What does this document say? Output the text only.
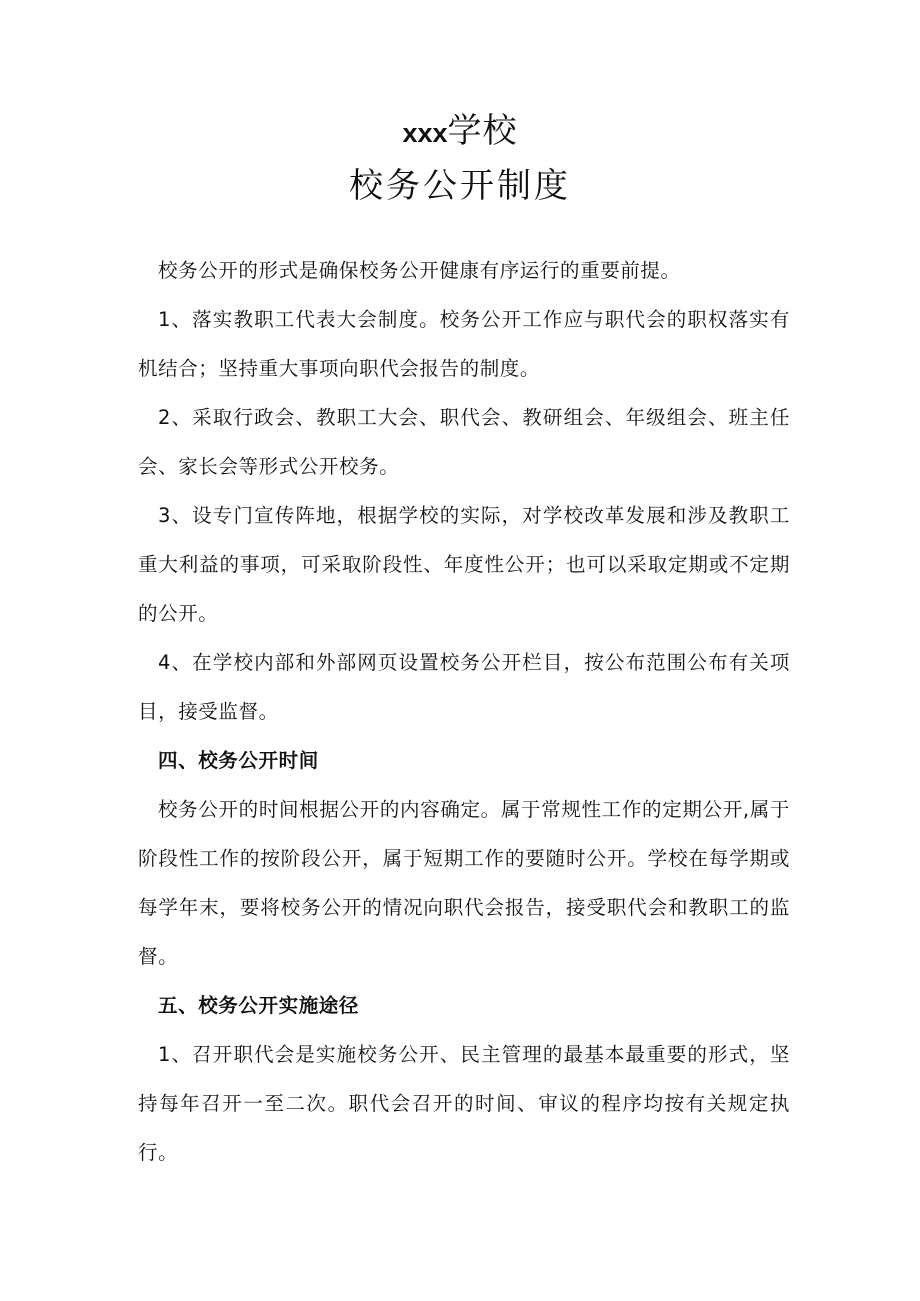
xxx学校

校务公开制度

校务公开的形式是确保校务公开健康有序运行的重要前提。

1、落实教职工代表大会制度。校务公开工作应与职代会的职权落实有机结合；坚持重大事项向职代会报告的制度。

2、采取行政会、教职工大会、职代会、教研组会、年级组会、班主任会、家长会等形式公开校务。

3、设专门宣传阵地，根据学校的实际，对学校改革发展和涉及教职工重大利益的事项，可采取阶段性、年度性公开；也可以采取定期或不定期的公开。

4、在学校内部和外部网页设置校务公开栏目，按公布范围公布有关项目，接受监督。

四、校务公开时间

校务公开的时间根据公开的内容确定。属于常规性工作的定期公开,属于阶段性工作的按阶段公开，属于短期工作的要随时公开。学校在每学期或每学年末，要将校务公开的情况向职代会报告，接受职代会和教职工的监督。

五、校务公开实施途径

1、召开职代会是实施校务公开、民主管理的最基本最重要的形式，坚持每年召开一至二次。职代会召开的时间、审议的程序均按有关规定执行。
